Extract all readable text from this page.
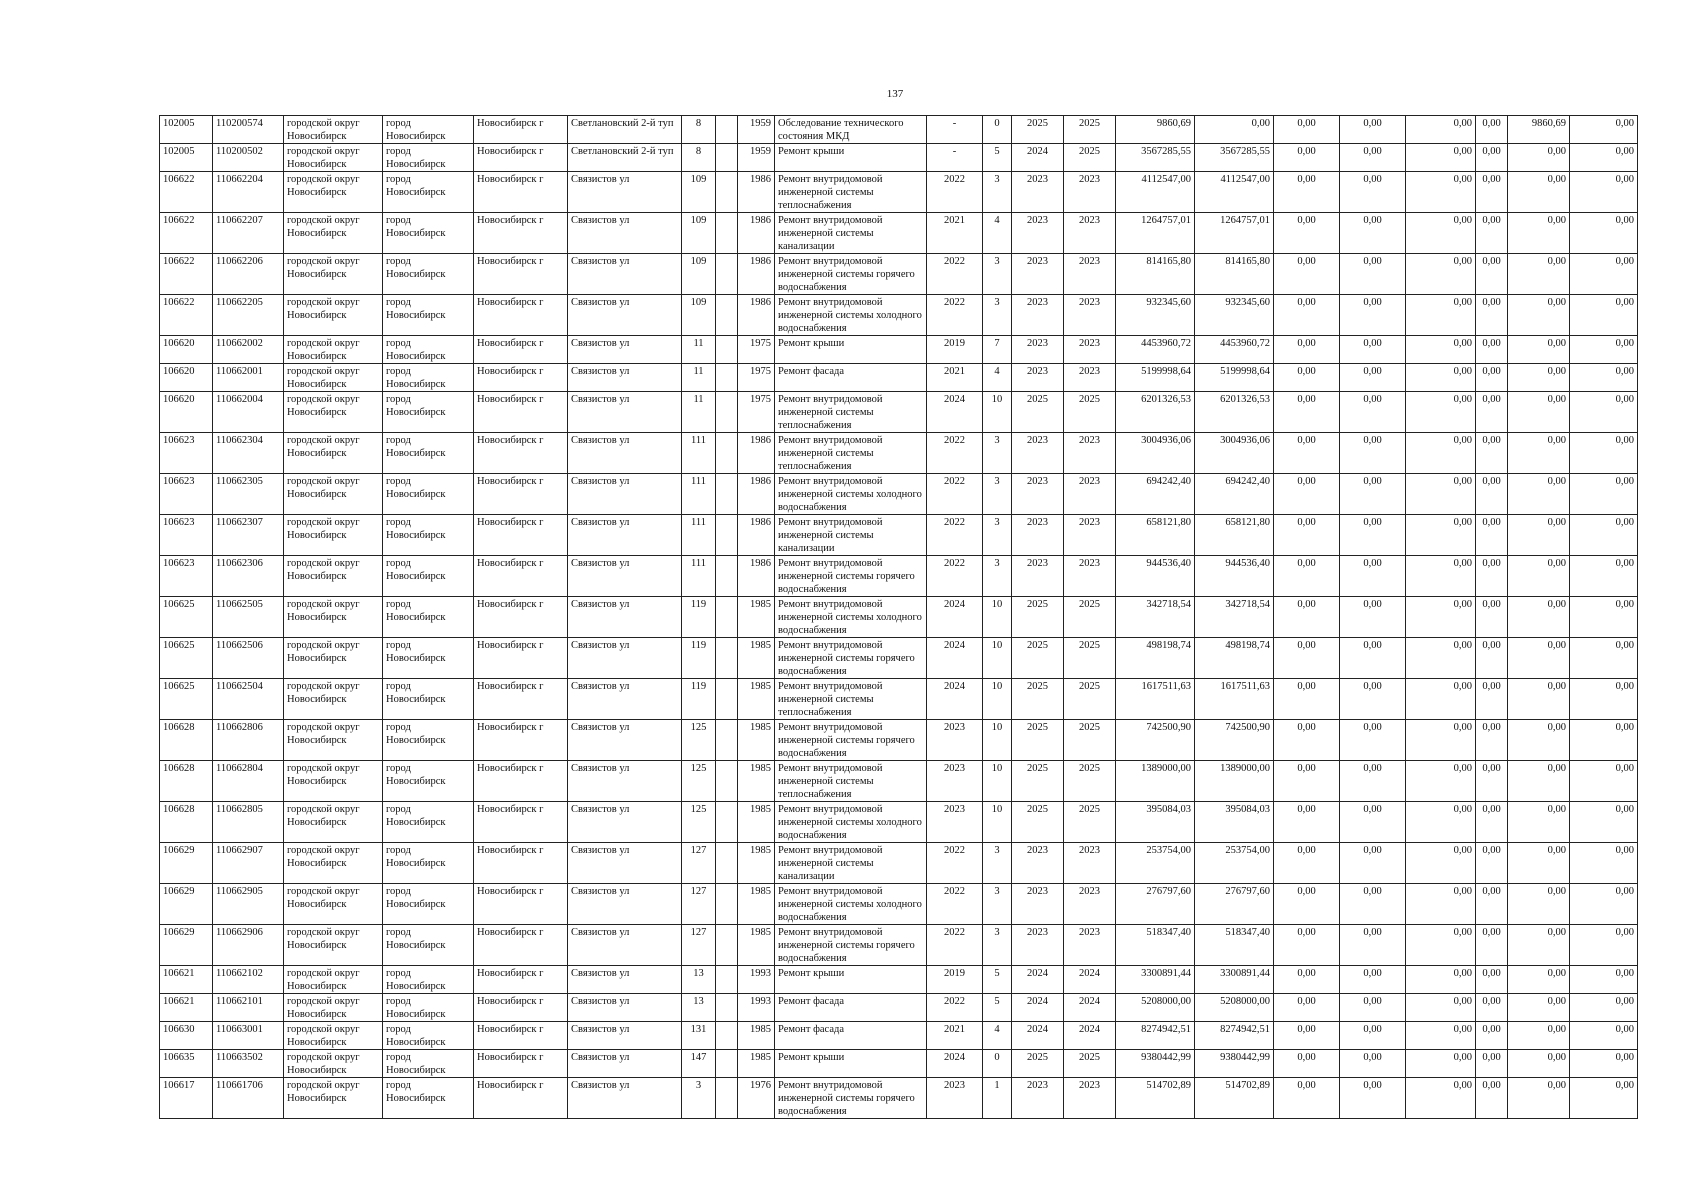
137
102005	110200574	городской округ Новосибирск	город Новосибирск	Новосибирск г	Светлановский 2-й туп	8		1959	Обследование технического состояния МКД	-	0	2025	2025	9860,69	0,00	0,00	0,00	0,00	0,00	9860,69	0,00
102005	110200502	городской округ Новосибирск	город Новосибирск	Новосибирск г	Светлановский 2-й туп	8		1959	Ремонт крыши	-	5	2024	2025	3567285,55	3567285,55	0,00	0,00	0,00	0,00	0,00	0,00
106622	110662204	городской округ Новосибирск	город Новосибирск	Новосибирск г	Связистов ул	109		1986	Ремонт внутридомовой инженерной системы теплоснабжения	2022	3	2023	2023	4112547,00	4112547,00	0,00	0,00	0,00	0,00	0,00	0,00
106622	110662207	городской округ Новосибирск	город Новосибирск	Новосибирск г	Связистов ул	109		1986	Ремонт внутридомовой инженерной системы канализации	2021	4	2023	2023	1264757,01	1264757,01	0,00	0,00	0,00	0,00	0,00	0,00
106622	110662206	городской округ Новосибирск	город Новосибирск	Новосибирск г	Связистов ул	109		1986	Ремонт внутридомовой инженерной системы горячего водоснабжения	2022	3	2023	2023	814165,80	814165,80	0,00	0,00	0,00	0,00	0,00	0,00
106622	110662205	городской округ Новосибирск	город Новосибирск	Новосибирск г	Связистов ул	109		1986	Ремонт внутридомовой инженерной системы холодного водоснабжения	2022	3	2023	2023	932345,60	932345,60	0,00	0,00	0,00	0,00	0,00	0,00
106620	110662002	городской округ Новосибирск	город Новосибирск	Новосибирск г	Связистов ул	11		1975	Ремонт крыши	2019	7	2023	2023	4453960,72	4453960,72	0,00	0,00	0,00	0,00	0,00	0,00
106620	110662001	городской округ Новосибирск	город Новосибирск	Новосибирск г	Связистов ул	11		1975	Ремонт фасада	2021	4	2023	2023	5199998,64	5199998,64	0,00	0,00	0,00	0,00	0,00	0,00
106620	110662004	городской округ Новосибирск	город Новосибирск	Новосибирск г	Связистов ул	11		1975	Ремонт внутридомовой инженерной системы теплоснабжения	2024	10	2025	2025	6201326,53	6201326,53	0,00	0,00	0,00	0,00	0,00	0,00
106623	110662304	городской округ Новосибирск	город Новосибирск	Новосибирск г	Связистов ул	111		1986	Ремонт внутридомовой инженерной системы теплоснабжения	2022	3	2023	2023	3004936,06	3004936,06	0,00	0,00	0,00	0,00	0,00	0,00
106623	110662305	городской округ Новосибирск	город Новосибирск	Новосибирск г	Связистов ул	111		1986	Ремонт внутридомовой инженерной системы холодного водоснабжения	2022	3	2023	2023	694242,40	694242,40	0,00	0,00	0,00	0,00	0,00	0,00
106623	110662307	городской округ Новосибирск	город Новосибирск	Новосибирск г	Связистов ул	111		1986	Ремонт внутридомовой инженерной системы канализации	2022	3	2023	2023	658121,80	658121,80	0,00	0,00	0,00	0,00	0,00	0,00
106623	110662306	городской округ Новосибирск	город Новосибирск	Новосибирск г	Связистов ул	111		1986	Ремонт внутридомовой инженерной системы горячего водоснабжения	2022	3	2023	2023	944536,40	944536,40	0,00	0,00	0,00	0,00	0,00	0,00
106625	110662505	городской округ Новосибирск	город Новосибирск	Новосибирск г	Связистов ул	119		1985	Ремонт внутридомовой инженерной системы холодного водоснабжения	2024	10	2025	2025	342718,54	342718,54	0,00	0,00	0,00	0,00	0,00	0,00
106625	110662506	городской округ Новосибирск	город Новосибирск	Новосибирск г	Связистов ул	119		1985	Ремонт внутридомовой инженерной системы горячего водоснабжения	2024	10	2025	2025	498198,74	498198,74	0,00	0,00	0,00	0,00	0,00	0,00
106625	110662504	городской округ Новосибирск	город Новосибирск	Новосибирск г	Связистов ул	119		1985	Ремонт внутридомовой инженерной системы теплоснабжения	2024	10	2025	2025	1617511,63	1617511,63	0,00	0,00	0,00	0,00	0,00	0,00
106628	110662806	городской округ Новосибирск	город Новосибирск	Новосибирск г	Связистов ул	125		1985	Ремонт внутридомовой инженерной системы горячего водоснабжения	2023	10	2025	2025	742500,90	742500,90	0,00	0,00	0,00	0,00	0,00	0,00
106628	110662804	городской округ Новосибирск	город Новосибирск	Новосибирск г	Связистов ул	125		1985	Ремонт внутридомовой инженерной системы теплоснабжения	2023	10	2025	2025	1389000,00	1389000,00	0,00	0,00	0,00	0,00	0,00	0,00
106628	110662805	городской округ Новосибирск	город Новосибирск	Новосибирск г	Связистов ул	125		1985	Ремонт внутридомовой инженерной системы холодного водоснабжения	2023	10	2025	2025	395084,03	395084,03	0,00	0,00	0,00	0,00	0,00	0,00
106629	110662907	городской округ Новосибирск	город Новосибирск	Новосибирск г	Связистов ул	127		1985	Ремонт внутридомовой инженерной системы канализации	2022	3	2023	2023	253754,00	253754,00	0,00	0,00	0,00	0,00	0,00	0,00
106629	110662905	городской округ Новосибирск	город Новосибирск	Новосибирск г	Связистов ул	127		1985	Ремонт внутридомовой инженерной системы холодного водоснабжения	2022	3	2023	2023	276797,60	276797,60	0,00	0,00	0,00	0,00	0,00	0,00
106629	110662906	городской округ Новосибирск	город Новосибирск	Новосибирск г	Связистов ул	127		1985	Ремонт внутридомовой инженерной системы горячего водоснабжения	2022	3	2023	2023	518347,40	518347,40	0,00	0,00	0,00	0,00	0,00	0,00
106621	110662102	городской округ Новосибирск	город Новосибирск	Новосибирск г	Связистов ул	13		1993	Ремонт крыши	2019	5	2024	2024	3300891,44	3300891,44	0,00	0,00	0,00	0,00	0,00	0,00
106621	110662101	городской округ Новосибирск	город Новосибирск	Новосибирск г	Связистов ул	13		1993	Ремонт фасада	2022	5	2024	2024	5208000,00	5208000,00	0,00	0,00	0,00	0,00	0,00	0,00
106630	110663001	городской округ Новосибирск	город Новосибирск	Новосибирск г	Связистов ул	131		1985	Ремонт фасада	2021	4	2024	2024	8274942,51	8274942,51	0,00	0,00	0,00	0,00	0,00	0,00
106635	110663502	городской округ Новосибирск	город Новосибирск	Новосибирск г	Связистов ул	147		1985	Ремонт крыши	2024	0	2025	2025	9380442,99	9380442,99	0,00	0,00	0,00	0,00	0,00	0,00
106617	110661706	городской округ Новосибирск	город Новосибирск	Новосибирск г	Связистов ул	3		1976	Ремонт внутридомовой инженерной системы горячего водоснабжения	2023	1	2023	2023	514702,89	514702,89	0,00	0,00	0,00	0,00	0,00	0,00
